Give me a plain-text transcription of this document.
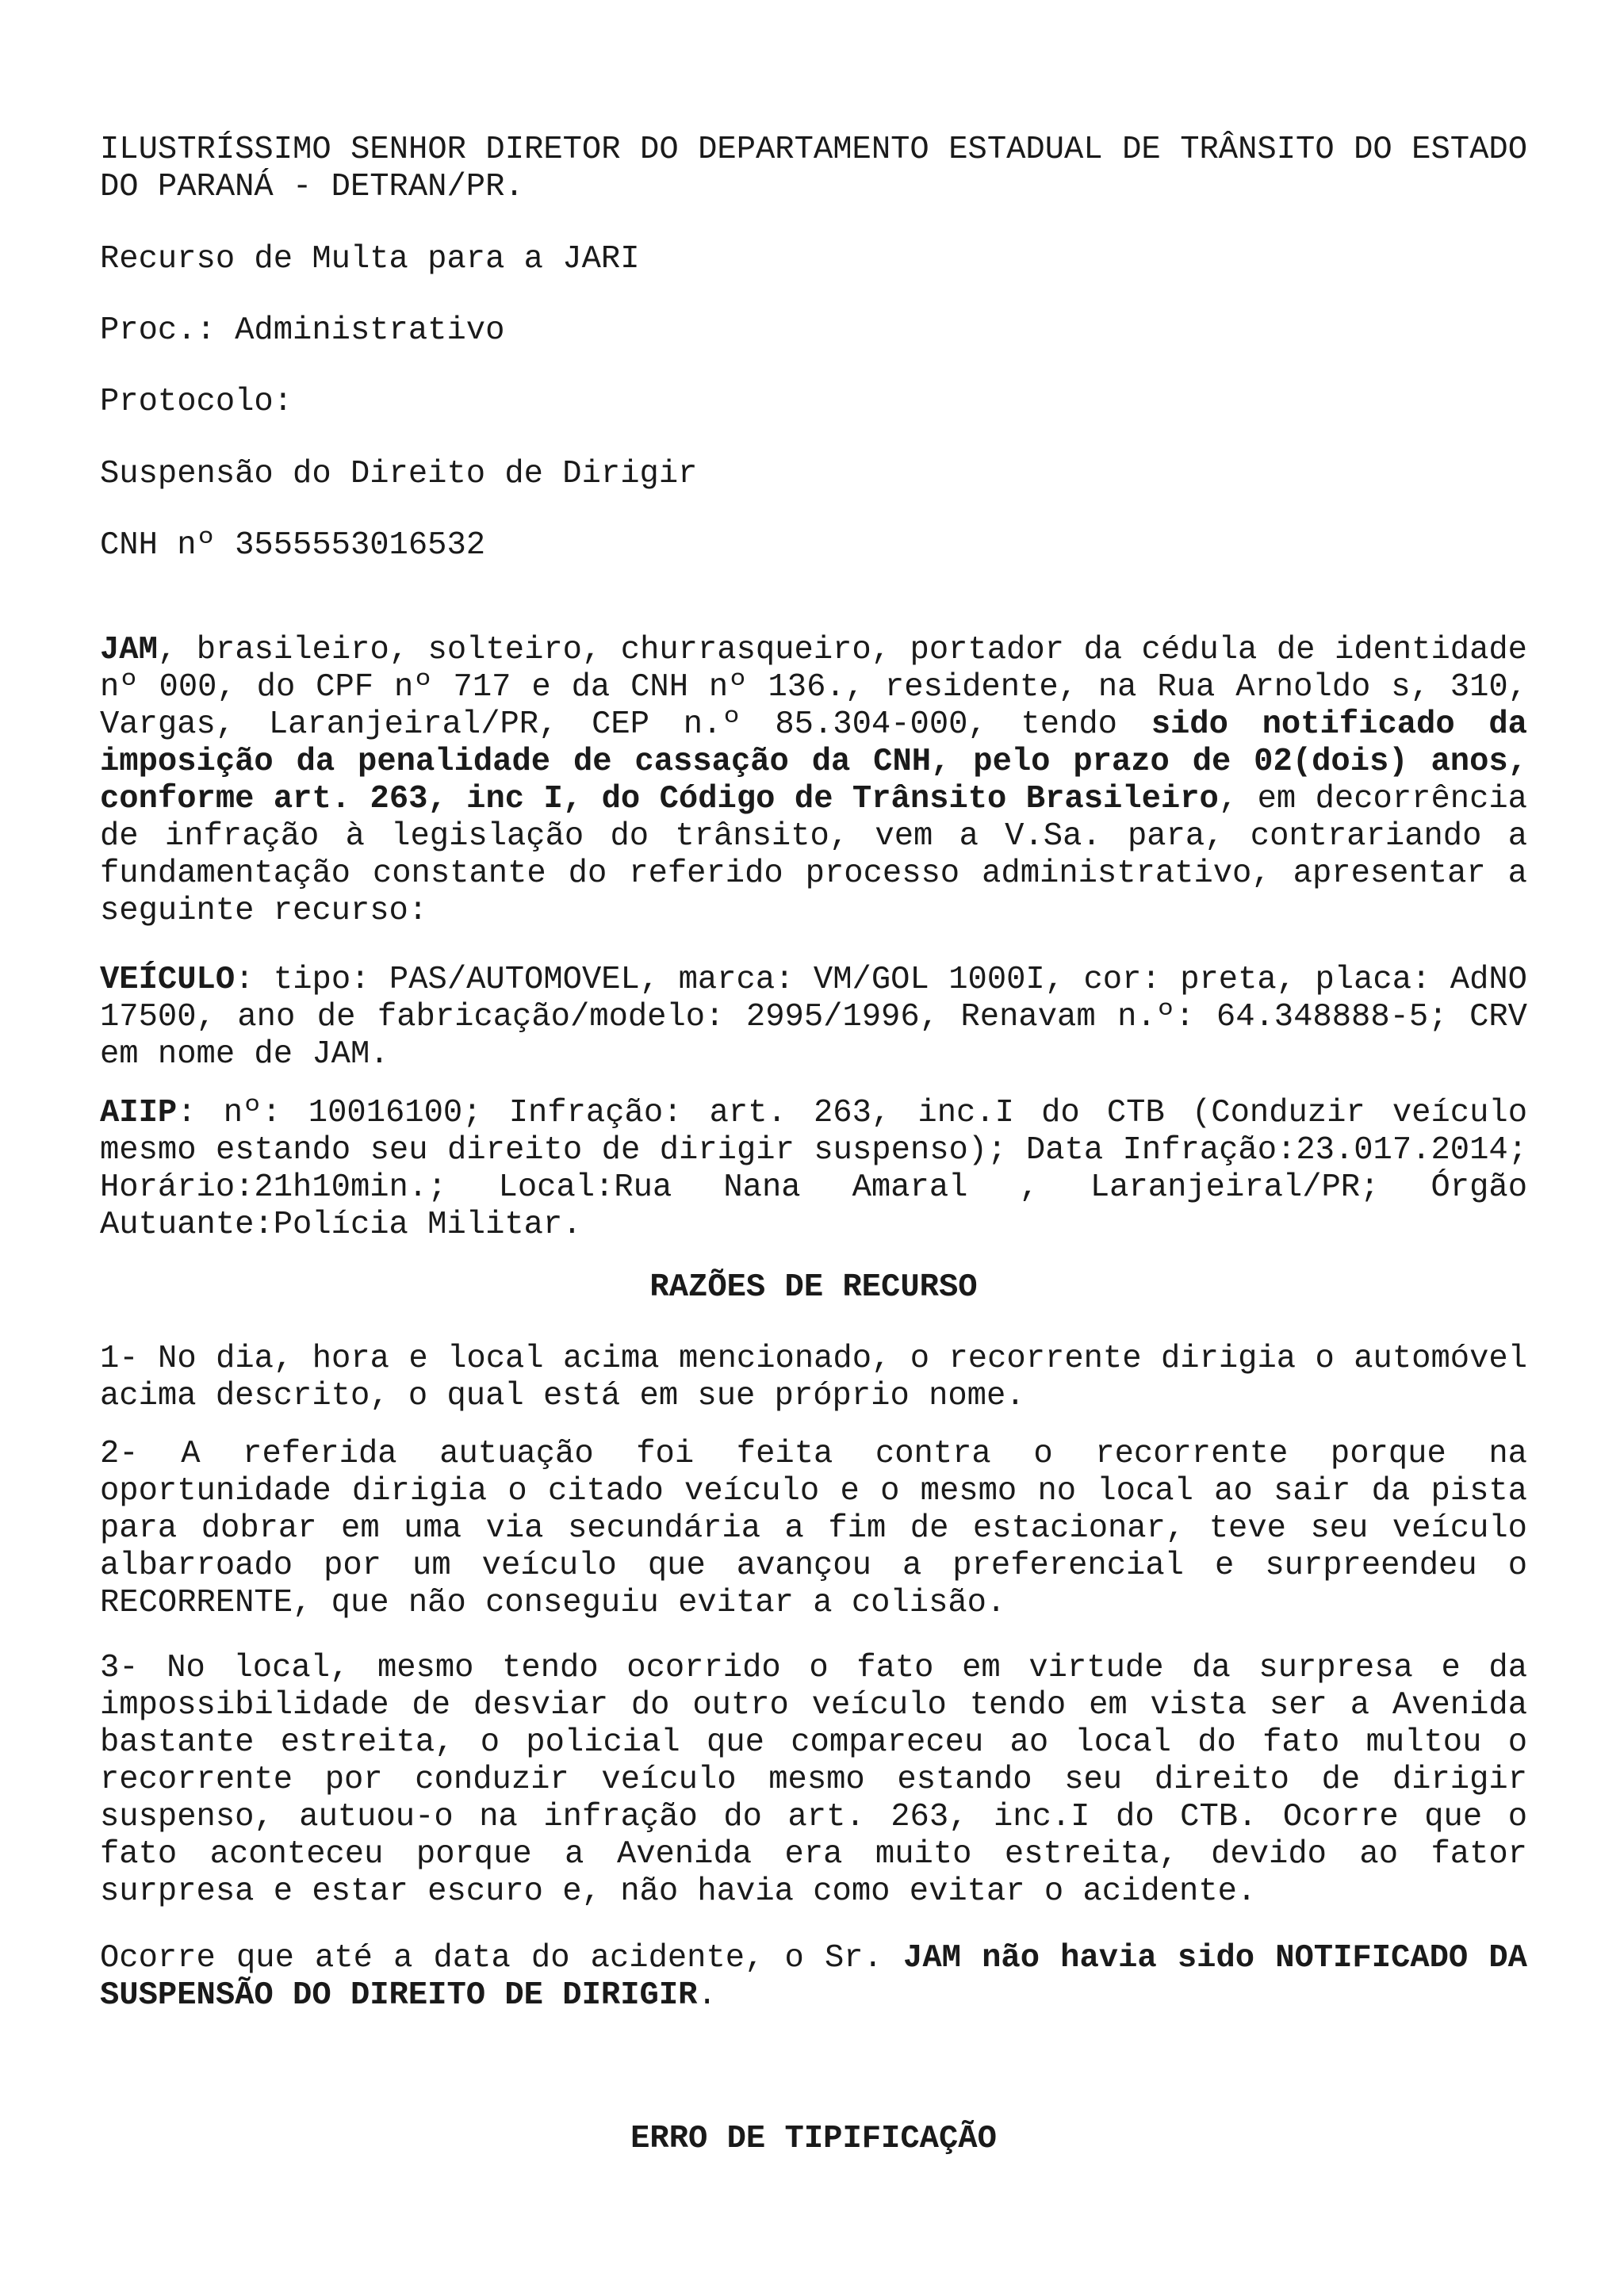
ILUSTRÍSSIMO SENHOR DIRETOR DO DEPARTAMENTO ESTADUAL DE TRÂNSITO DO ESTADO DO PARANÁ - DETRAN/PR.

Recurso de Multa para a JARI

Proc.: Administrativo

Protocolo:

Suspensão do Direito de Dirigir

CNH nº 3555553016532

JAM, brasileiro, solteiro, churrasqueiro, portador da cédula de identidade nº 000, do CPF nº 717 e da CNH nº 136., residente, na Rua Arnoldo s, 310, Vargas, Laranjeiral/PR, CEP n.º 85.304-000, tendo sido notificado da imposição da penalidade de cassação da CNH, pelo prazo de 02(dois) anos, conforme art. 263, inc I, do Código de Trânsito Brasileiro, em decorrência de infração à legislação do trânsito, vem a V.Sa. para, contrariando a fundamentação constante do referido processo administrativo, apresentar a seguinte recurso:

VEÍCULO: tipo: PAS/AUTOMOVEL, marca: VM/GOL 1000I, cor: preta, placa: AdNO 17500, ano de fabricação/modelo: 2995/1996, Renavam n.º: 64.348888-5; CRV em nome de JAM.

AIIP: nº: 10016100; Infração: art. 263, inc.I do CTB (Conduzir veículo mesmo estando seu direito de dirigir suspenso); Data Infração:23.017.2014; Horário:21h10min.; Local:Rua Nana Amaral , Laranjeiral/PR; Órgão Autuante:Polícia Militar.

RAZÕES DE RECURSO

1- No dia, hora e local acima mencionado, o recorrente dirigia o automóvel acima descrito, o qual está em sue próprio nome.

2- A referida autuação foi feita contra o recorrente porque na oportunidade dirigia o citado veículo e o mesmo no local ao sair da pista para dobrar em uma via secundária a fim de estacionar, teve seu veículo albarroado por um veículo que avançou a preferencial e surpreendeu o RECORRENTE, que não conseguiu evitar a colisão.

3- No local, mesmo tendo ocorrido o fato em virtude da surpresa e da impossibilidade de desviar do outro veículo tendo em vista ser a Avenida bastante estreita, o policial que compareceu ao local do fato multou o recorrente por conduzir veículo mesmo estando seu direito de dirigir suspenso, autuou-o na infração do art. 263, inc.I do CTB. Ocorre que o fato aconteceu porque a Avenida era muito estreita, devido ao fator surpresa e estar escuro e, não havia como evitar o acidente.

Ocorre que até a data do acidente, o Sr. JAM não havia sido NOTIFICADO DA SUSPENSÃO DO DIREITO DE DIRIGIR.

ERRO DE TIPIFICAÇÃO
